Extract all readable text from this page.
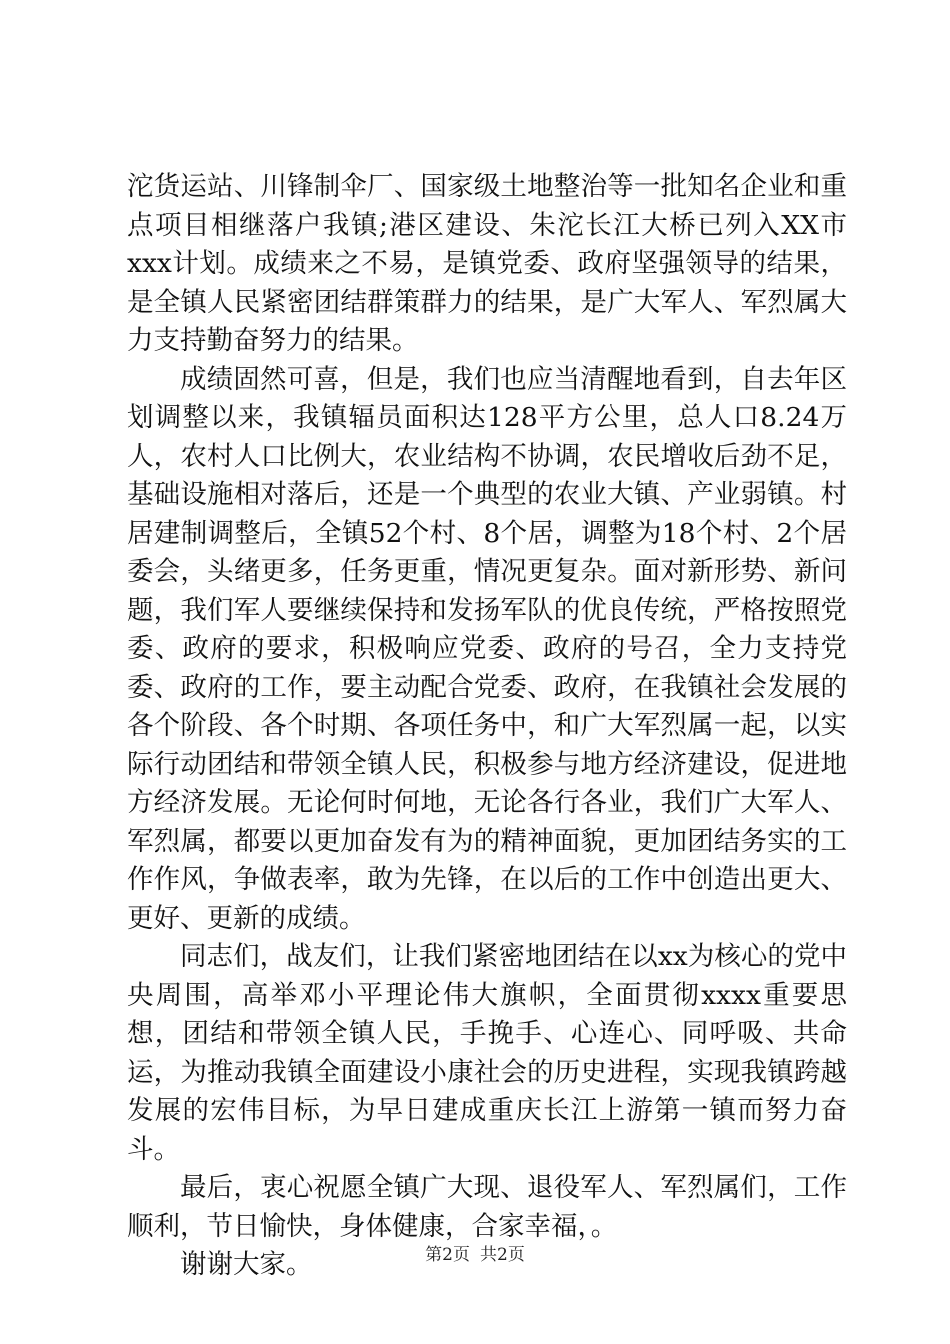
沱货运站、川锋制伞厂、国家级土地整治等一批知名企业和重点项目相继落户我镇;港区建设、朱沱长江大桥已列入XX市xxx计划。成绩来之不易，是镇党委、政府坚强领导的结果，是全镇人民紧密团结群策群力的结果，是广大军人、军烈属大力支持勤奋努力的结果。

成绩固然可喜，但是，我们也应当清醒地看到，自去年区划调整以来，我镇辐员面积达128平方公里，总人口8.24万人，农村人口比例大，农业结构不协调，农民增收后劲不足，基础设施相对落后，还是一个典型的农业大镇、产业弱镇。村居建制调整后，全镇52个村、8个居，调整为18个村、2个居委会，头绪更多，任务更重，情况更复杂。面对新形势、新问题，我们军人要继续保持和发扬军队的优良传统，严格按照党委、政府的要求，积极响应党委、政府的号召，全力支持党委、政府的工作，要主动配合党委、政府，在我镇社会发展的各个阶段、各个时期、各项任务中，和广大军烈属一起，以实际行动团结和带领全镇人民，积极参与地方经济建设，促进地方经济发展。无论何时何地，无论各行各业，我们广大军人、军烈属，都要以更加奋发有为的精神面貌，更加团结务实的工作作风，争做表率，敢为先锋，在以后的工作中创造出更大、更好、更新的成绩。

同志们，战友们，让我们紧密地团结在以xx为核心的党中央周围，高举邓小平理论伟大旗帜，全面贯彻xxxx重要思想，团结和带领全镇人民，手挽手、心连心、同呼吸、共命运，为推动我镇全面建设小康社会的历史进程，实现我镇跨越发展的宏伟目标，为早日建成重庆长江上游第一镇而努力奋斗。

最后，衷心祝愿全镇广大现、退役军人、军烈属们，工作顺利，节日愉快，身体健康，合家幸福，。

谢谢大家。	第2页 共2页
